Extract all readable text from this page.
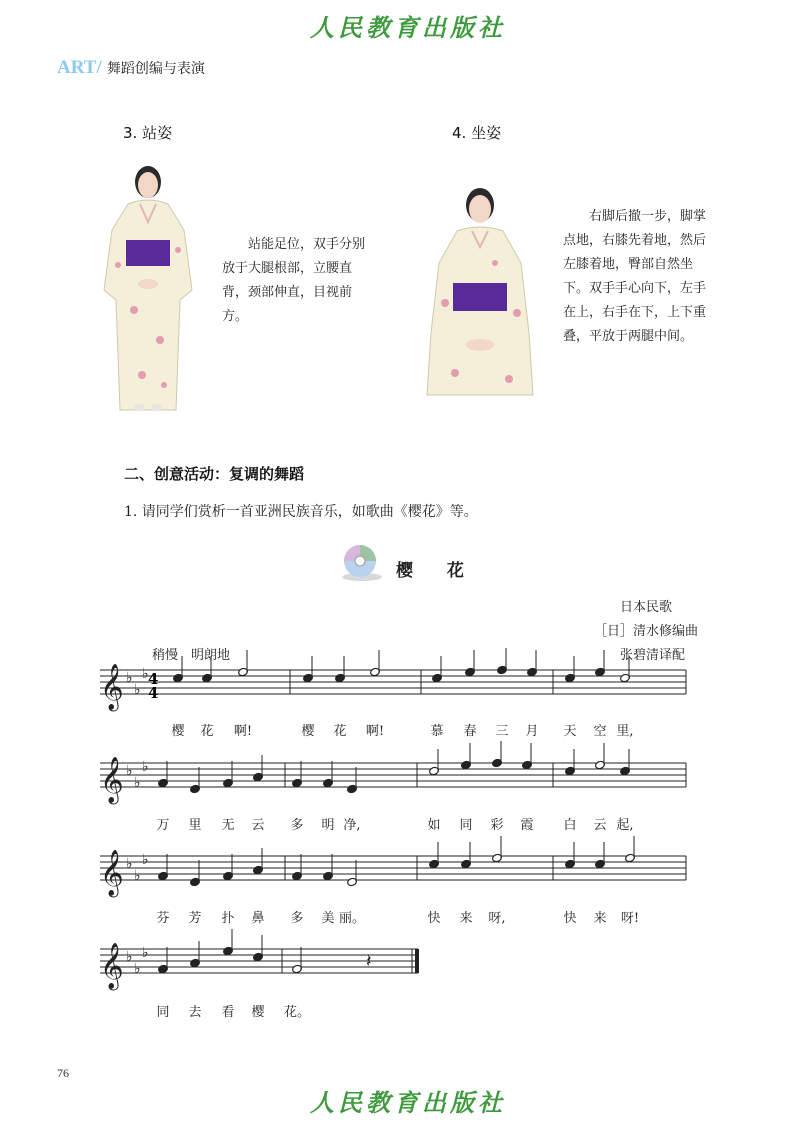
人民教育出版社
ART/ 舞蹈创编与表演
3. 站姿
站能足位，双手分别放于大腿根部，立腰直背，颈部伸直，目视前方。
4. 坐姿
右脚后撤一步，脚掌点地，右膝先着地，然后左膝着地，臀部自然坐下。双手手心向下，左手在上，右手在下，上下重叠，平放于两腿中间。
二、创意活动：复调的舞蹈
1. 请同学们赏析一首亚洲民族音乐，如歌曲《樱花》等。
樱 花
日本民歌
［日］清水修编曲
张碧清译配
稍慢　明朗地
𝄞 ♭
♭
♭
𝄞 ♭
♭
♭
𝄞 ♭
♭
♭
𝄞 ♭
♭
♭	𝄽
4
4
樱	花	啊!	樱	花	啊!	慕	春	三	月	天	空 里,
万	里	无	云	多	明 净,	如	同	彩	霞	白	云 起,
芬	芳	扑	鼻	多	美 丽。	快	来	呀,	快	来	呀!
同	去	看	樱	花。
76
人民教育出版社
